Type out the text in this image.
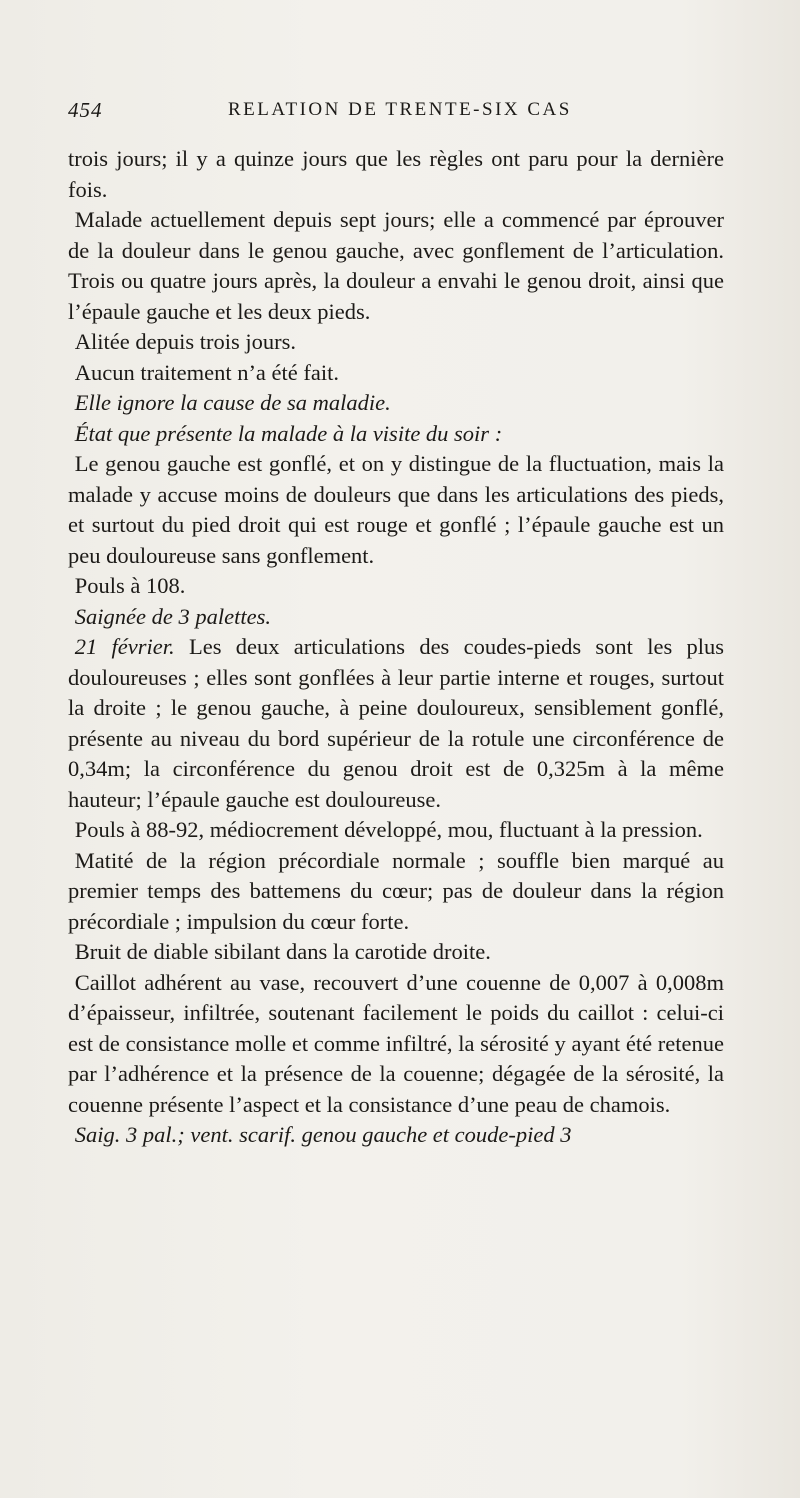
454	RELATION DE TRENTE-SIX CAS

trois jours; il y a quinze jours que les règles ont paru pour la dernière fois.

Malade actuellement depuis sept jours; elle a commencé par éprouver de la douleur dans le genou gauche, avec gonflement de l’articulation. Trois ou quatre jours après, la douleur a envahi le genou droit, ainsi que l’épaule gauche et les deux pieds.

Alitée depuis trois jours.

Aucun traitement n’a été fait.

Elle ignore la cause de sa maladie.

État que présente la malade à la visite du soir :

Le genou gauche est gonflé, et on y distingue de la fluctuation, mais la malade y accuse moins de douleurs que dans les articulations des pieds, et surtout du pied droit qui est rouge et gonflé ; l’épaule gauche est un peu douloureuse sans gonflement.

Pouls à 108.

Saignée de 3 palettes.

21 février. Les deux articulations des coudes-pieds sont les plus douloureuses ; elles sont gonflées à leur partie interne et rouges, surtout la droite ; le genou gauche, à peine douloureux, sensiblement gonflé, présente au niveau du bord supérieur de la rotule une circonférence de 0,34m; la circonférence du genou droit est de 0,325m à la même hauteur; l’épaule gauche est douloureuse.

Pouls à 88-92, médiocrement développé, mou, fluctuant à la pression.

Matité de la région précordiale normale ; souffle bien marqué au premier temps des battemens du cœur; pas de douleur dans la région précordiale ; impulsion du cœur forte.

Bruit de diable sibilant dans la carotide droite.

Caillot adhérent au vase, recouvert d’une couenne de 0,007 à 0,008m d’épaisseur, infiltrée, soutenant facilement le poids du caillot : celui-ci est de consistance molle et comme infiltré, la sérosité y ayant été retenue par l’adhérence et la présence de la couenne; dégagée de la sérosité, la couenne présente l’aspect et la consistance d’une peau de chamois.

Saig. 3 pal.; vent. scarif. genou gauche et coude-pied 3
